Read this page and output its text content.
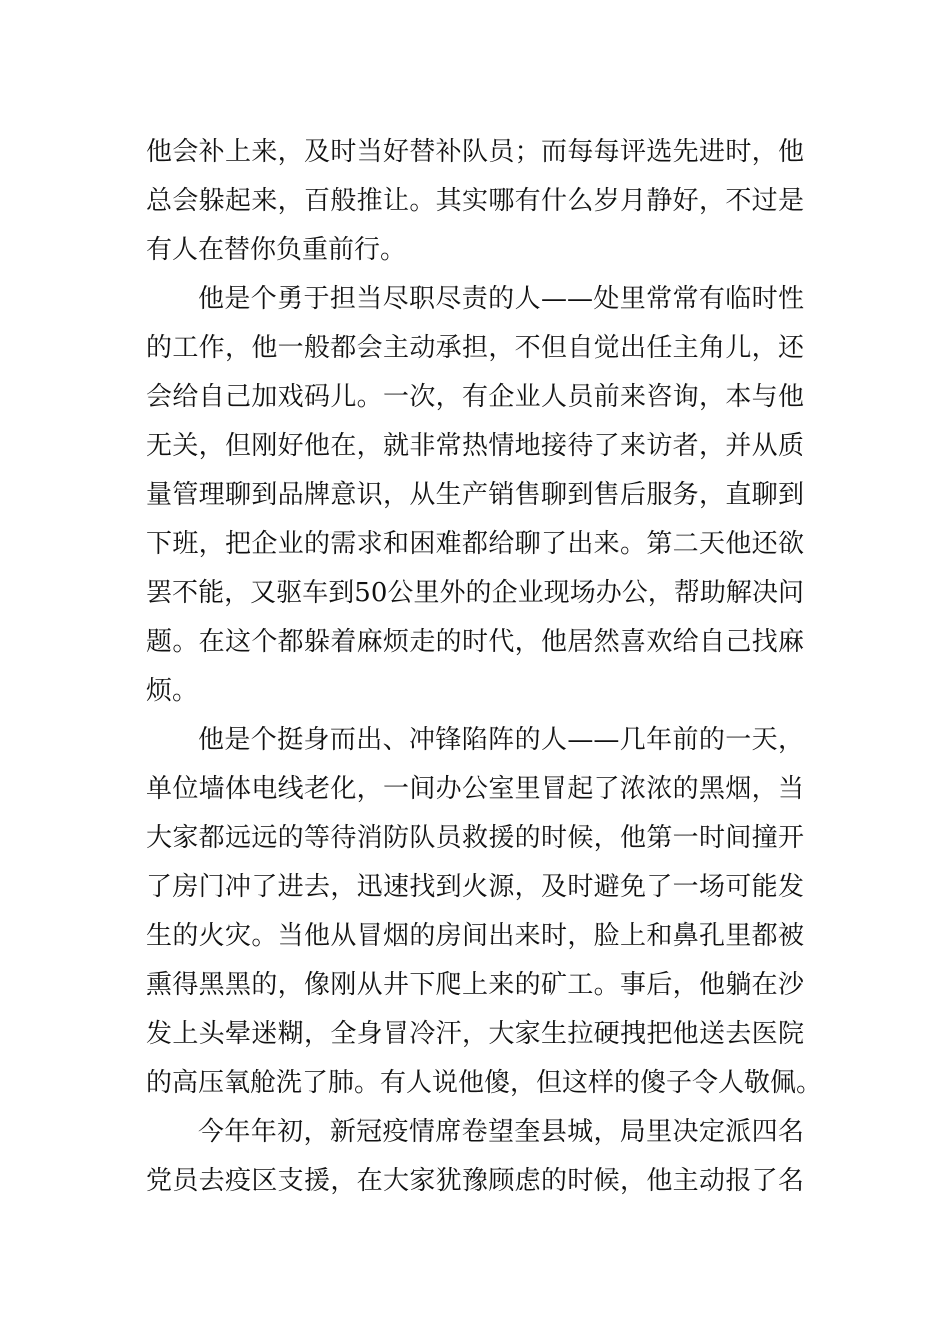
他会补上来，及时当好替补队员；而每每评选先进时，他
总会躲起来，百般推让。其实哪有什么岁月静好，不过是
有人在替你负重前行。
他是个勇于担当尽职尽责的人——处里常常有临时性
的工作，他一般都会主动承担，不但自觉出任主角儿，还
会给自己加戏码儿。一次，有企业人员前来咨询，本与他
无关，但刚好他在，就非常热情地接待了来访者，并从质
量管理聊到品牌意识，从生产销售聊到售后服务，直聊到
下班，把企业的需求和困难都给聊了出来。第二天他还欲
罢不能，又驱车到50公里外的企业现场办公，帮助解决问
题。在这个都躲着麻烦走的时代，他居然喜欢给自己找麻
烦。
他是个挺身而出、冲锋陷阵的人——几年前的一天，
单位墙体电线老化，一间办公室里冒起了浓浓的黑烟，当
大家都远远的等待消防队员救援的时候，他第一时间撞开
了房门冲了进去，迅速找到火源，及时避免了一场可能发
生的火灾。当他从冒烟的房间出来时，脸上和鼻孔里都被
熏得黑黑的，像刚从井下爬上来的矿工。事后，他躺在沙
发上头晕迷糊，全身冒冷汗，大家生拉硬拽把他送去医院
的高压氧舱洗了肺。有人说他傻，但这样的傻子令人敬佩。
今年年初，新冠疫情席卷望奎县城，局里决定派四名
党员去疫区支援，在大家犹豫顾虑的时候，他主动报了名
